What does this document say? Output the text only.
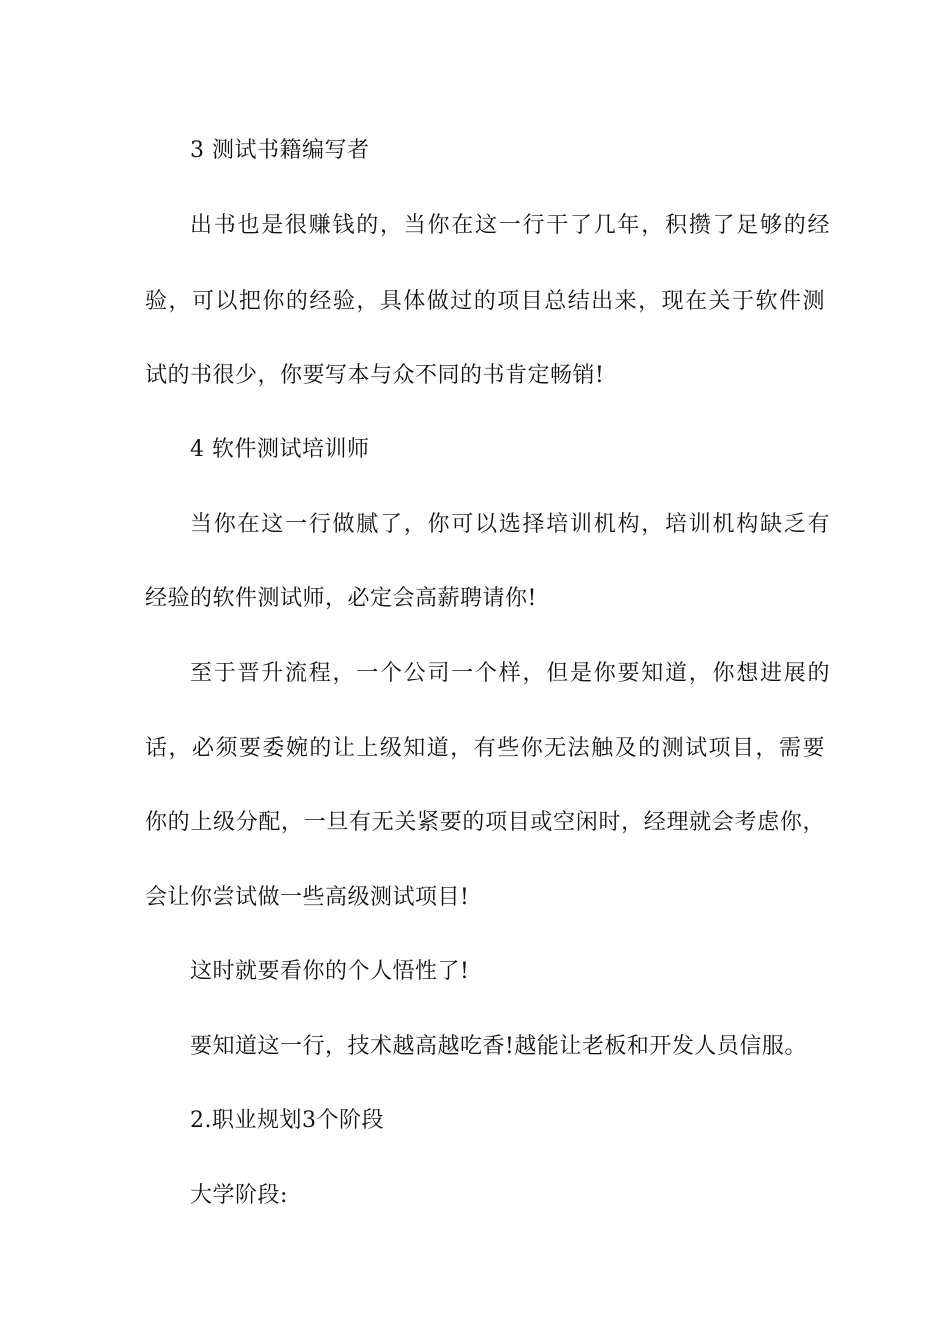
3 测试书籍编写者
出书也是很赚钱的，当你在这一行干了几年，积攒了足够的经
验，可以把你的经验，具体做过的项目总结出来，现在关于软件测
试的书很少，你要写本与众不同的书肯定畅销!
4 软件测试培训师
当你在这一行做腻了，你可以选择培训机构，培训机构缺乏有
经验的软件测试师，必定会高薪聘请你!
至于晋升流程，一个公司一个样，但是你要知道，你想进展的
话，必须要委婉的让上级知道，有些你无法触及的测试项目，需要
你的上级分配，一旦有无关紧要的项目或空闲时，经理就会考虑你，
会让你尝试做一些高级测试项目!
这时就要看你的个人悟性了!
要知道这一行，技术越高越吃香!越能让老板和开发人员信服。
2.职业规划3个阶段
大学阶段:
